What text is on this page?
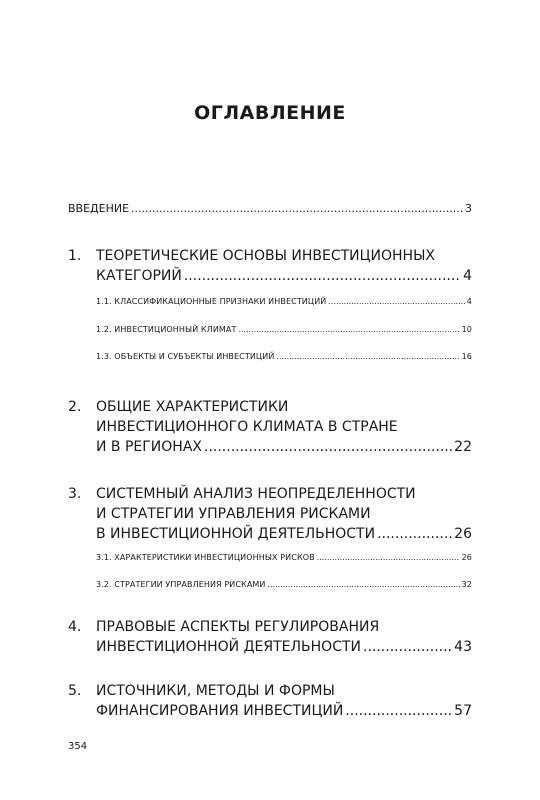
ОГЛАВЛЕНИЕ
ВВЕДЕНИЕ .....	3
1. ТЕОРЕТИЧЕСКИЕ ОСНОВЫ ИНВЕСТИЦИОННЫХ
КАТЕГОРИЙ .....	4
1.1. КЛАССИФИКАЦИОННЫЕ ПРИЗНАКИ ИНВЕСТИЦИЙ .....	4
1.2. ИНВЕСТИЦИОННЫЙ КЛИМАТ .....	10
1.3. ОБЪЕКТЫ И СУБЪЕКТЫ ИНВЕСТИЦИЙ .....	16
2. ОБЩИЕ ХАРАКТЕРИСТИКИ
ИНВЕСТИЦИОННОГО КЛИМАТА В СТРАНЕ
И В РЕГИОНАХ .....	22
3. СИСТЕМНЫЙ АНАЛИЗ НЕОПРЕДЕЛЕННОСТИ
И СТРАТЕГИИ УПРАВЛЕНИЯ РИСКАМИ
В ИНВЕСТИЦИОННОЙ ДЕЯТЕЛЬНОСТИ .....	26
3.1. ХАРАКТЕРИСТИКИ ИНВЕСТИЦИОННЫХ РИСКОВ .....	26
3.2. СТРАТЕГИИ УПРАВЛЕНИЯ РИСКАМИ .....	32
4. ПРАВОВЫЕ АСПЕКТЫ РЕГУЛИРОВАНИЯ
ИНВЕСТИЦИОННОЙ ДЕЯТЕЛЬНОСТИ .....	43
5. ИСТОЧНИКИ, МЕТОДЫ И ФОРМЫ
ФИНАНСИРОВАНИЯ ИНВЕСТИЦИЙ .....	57
354
